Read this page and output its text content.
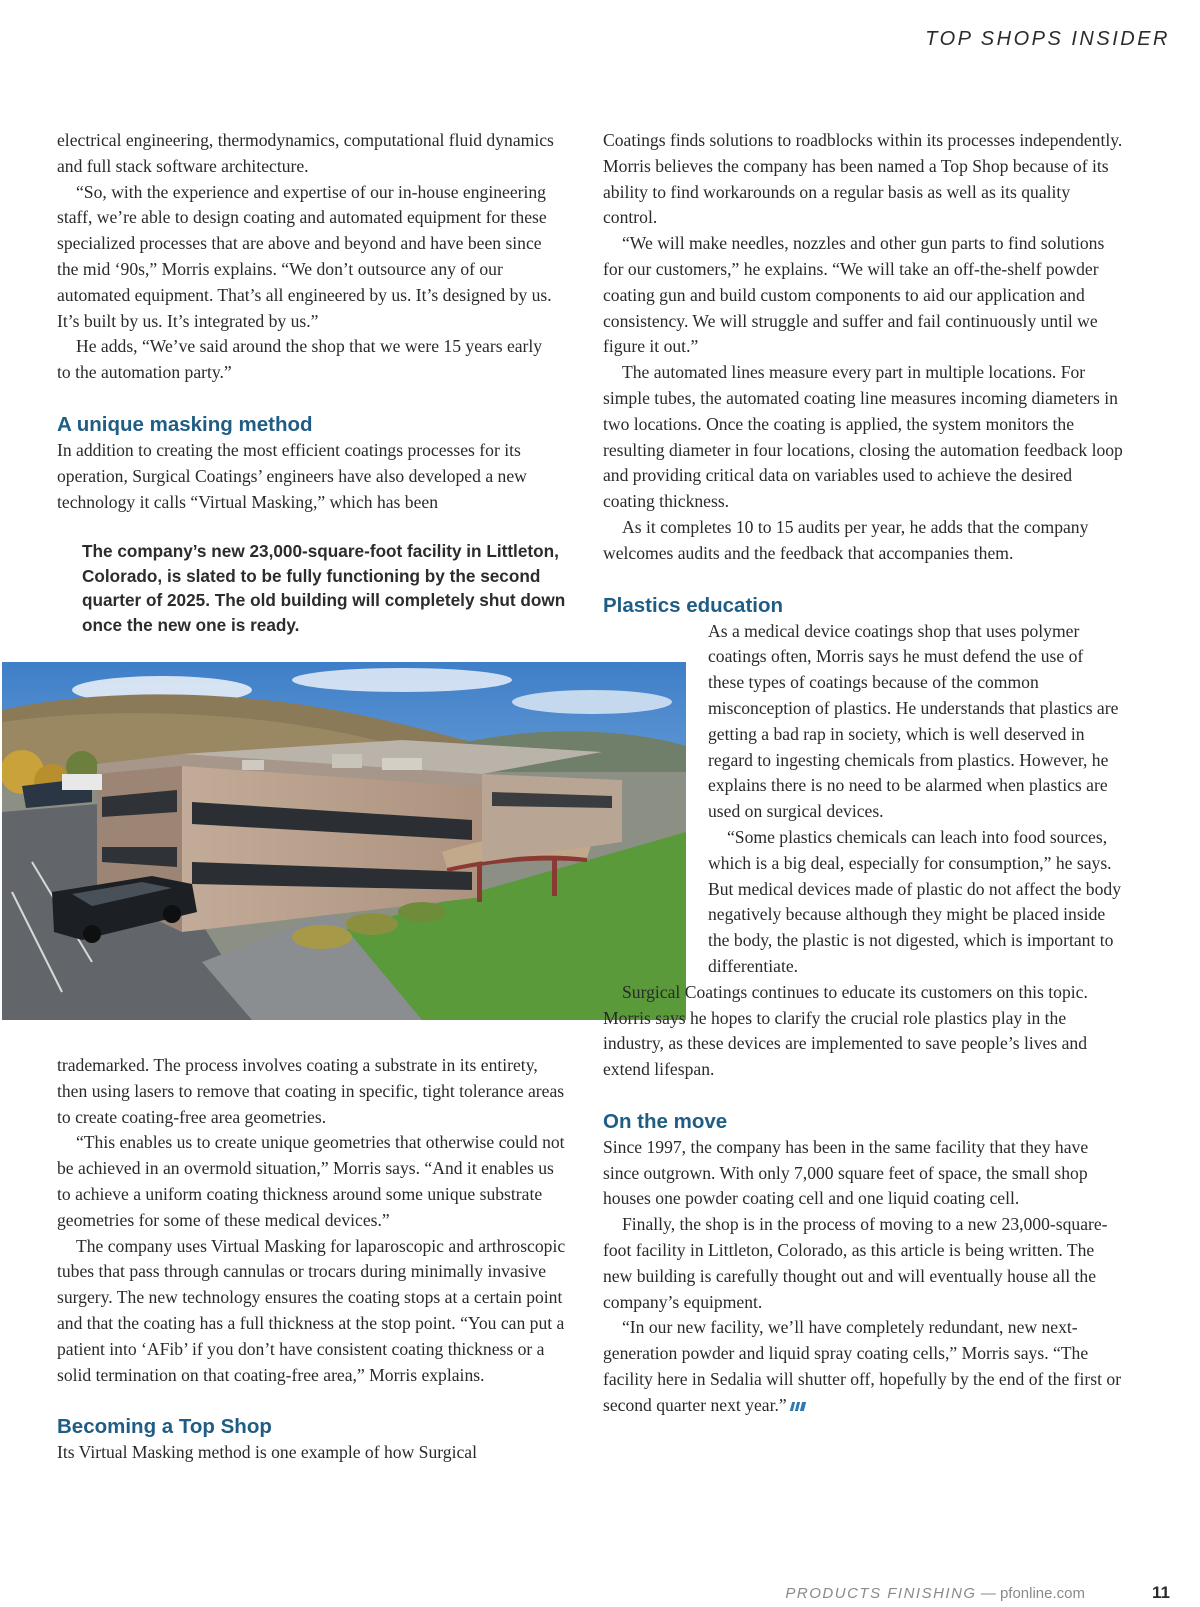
TOP SHOPS INSIDER

electrical engineering, thermodynamics, computational fluid dynamics and full stack software architecture.

“So, with the experience and expertise of our in-house engineering staff, we’re able to design coating and automated equipment for these specialized processes that are above and beyond and have been since the mid ‘90s,” Morris explains. “We don’t outsource any of our automated equipment. That’s all engineered by us. It’s designed by us. It’s built by us. It’s integrated by us.”

He adds, “We’ve said around the shop that we were 15 years early to the automation party.”

A unique masking method

In addition to creating the most efficient coatings processes for its operation, Surgical Coatings’ engineers have also developed a new technology it calls “Virtual Masking,” which has been

The company’s new 23,000-square-foot facility in Littleton, Colorado, is slated to be fully functioning by the second quarter of 2025. The old building will completely shut down once the new one is ready.

trademarked. The process involves coating a substrate in its entirety, then using lasers to remove that coating in specific, tight tolerance areas to create coating-free area geometries.

“This enables us to create unique geometries that otherwise could not be achieved in an overmold situation,” Morris says. “And it enables us to achieve a uniform coating thickness around some unique substrate geometries for some of these medical devices.”

The company uses Virtual Masking for laparoscopic and arthroscopic tubes that pass through cannulas or trocars during minimally invasive surgery. The new technology ensures the coating stops at a certain point and that the coating has a full thickness at the stop point. “You can put a patient into ‘AFib’ if you don’t have consistent coating thickness or a solid termination on that coating-free area,” Morris explains.

Becoming a Top Shop

Its Virtual Masking method is one example of how Surgical

Coatings finds solutions to roadblocks within its processes independently. Morris believes the company has been named a Top Shop because of its ability to find workarounds on a regular basis as well as its quality control.

“We will make needles, nozzles and other gun parts to find solutions for our customers,” he explains. “We will take an off-the-shelf powder coating gun and build custom components to aid our application and consistency. We will struggle and suffer and fail continuously until we figure it out.”

The automated lines measure every part in multiple locations. For simple tubes, the automated coating line measures incoming diameters in two locations. Once the coating is applied, the system monitors the resulting diameter in four locations, closing the automation feedback loop and providing critical data on variables used to achieve the desired coating thickness.

As it completes 10 to 15 audits per year, he adds that the company welcomes audits and the feedback that accompanies them.

Plastics education

As a medical device coatings shop that uses polymer coatings often, Morris says he must defend the use of these types of coatings because of the common misconception of plastics. He understands that plastics are getting a bad rap in society, which is well deserved in regard to ingesting chemicals from plastics. However, he explains there is no need to be alarmed when plastics are used on surgical devices.

“Some plastics chemicals can leach into food sources, which is a big deal, especially for consumption,” he says. But medical devices made of plastic do not affect the body negatively because although they might be placed inside the body, the plastic is not digested, which is important to differentiate.

Surgical Coatings continues to educate its customers on this topic. Morris says he hopes to clarify the crucial role plastics play in the industry, as these devices are implemented to save people’s lives and extend lifespan.

On the move

Since 1997, the company has been in the same facility that they have since outgrown. With only 7,000 square feet of space, the small shop houses one powder coating cell and one liquid coating cell.

Finally, the shop is in the process of moving to a new 23,000-square-foot facility in Littleton, Colorado, as this article is being written. The new building is carefully thought out and will eventually house all the company’s equipment.

“In our new facility, we’ll have completely redundant, new next-generation powder and liquid spray coating cells,” Morris says. “The facility here in Sedalia will shutter off, hopefully by the end of the first or second quarter next year.”

PRODUCTS FINISHING — pfonline.com	11
